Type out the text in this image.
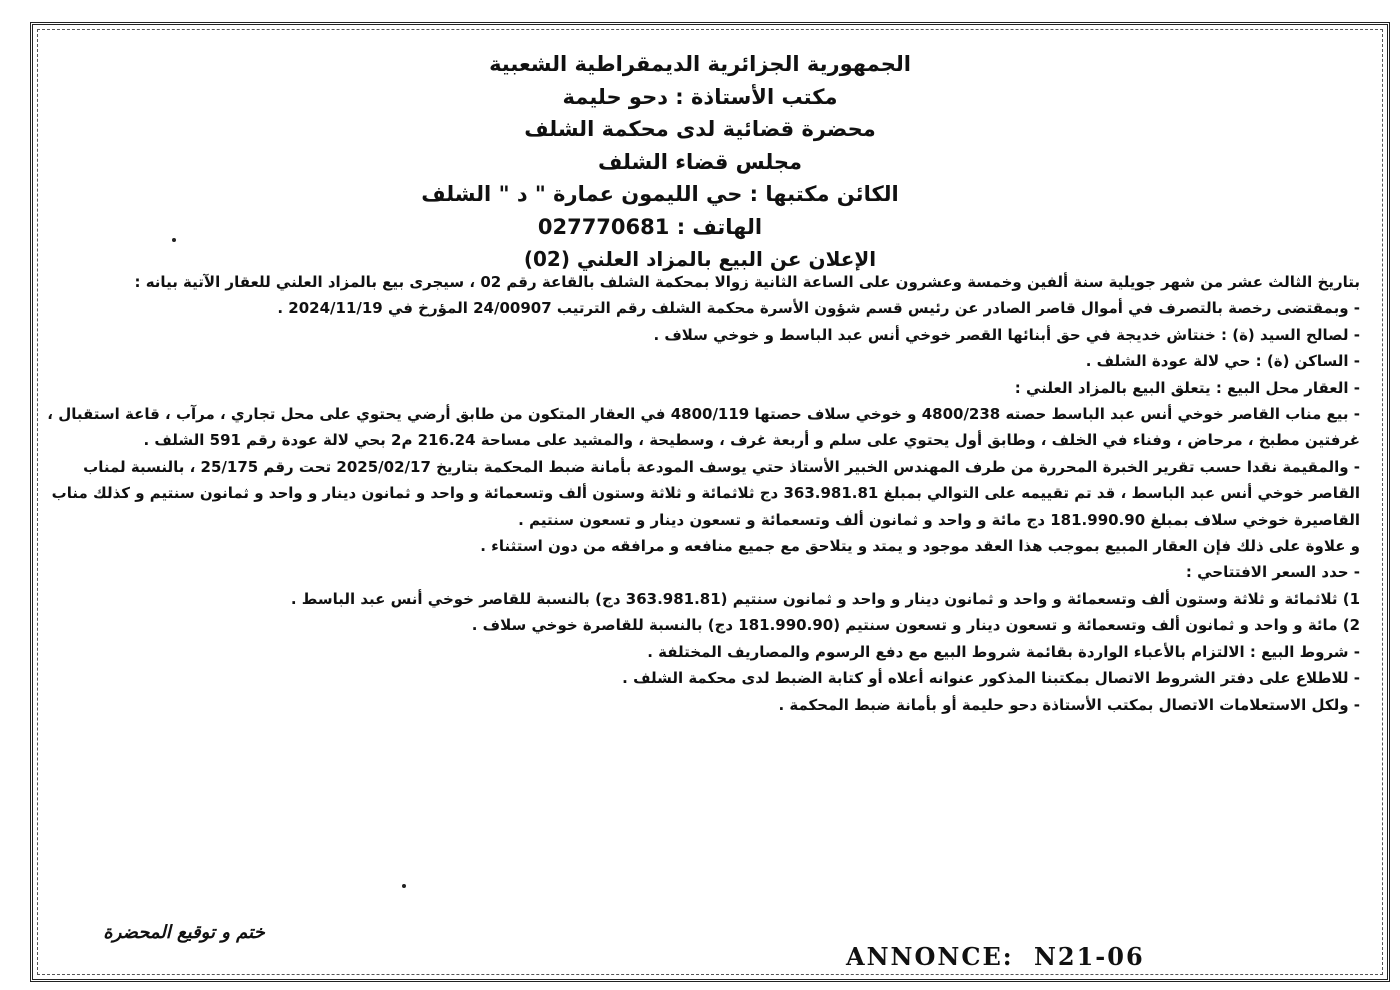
الجمهورية الجزائرية الديمقراطية الشعبية
مكتب الأستاذة : دحو حليمة
محضرة قضائية لدى محكمة الشلف
مجلس قضاء الشلف
الكائن مكتبها : حي الليمون عمارة " د " الشلف
الهاتف : 027770681
الإعلان عن البيع بالمزاد العلني (02)

بتاريخ الثالث عشر من شهر جويلية سنة ألفين وخمسة وعشرون على الساعة الثانية زوالا بمحكمة الشلف بالقاعة رقم 02 ، سيجرى بيع بالمزاد العلني للعقار الآتية بيانه :

- وبمقتضى رخصة بالتصرف في أموال قاصر الصادر عن رئيس قسم شؤون الأسرة محكمة الشلف رقم الترتيب 24/00907 المؤرخ في 2024/11/19 .

- لصالح السيد (ة) : خنتاش خديجة في حق أبنائها القصر خوخي أنس عبد الباسط و خوخي سلاف .

- الساكن (ة) : حي لالة عودة الشلف .

- العقار محل البيع : يتعلق البيع بالمزاد العلني :

- بيع مناب القاصر خوخي أنس عبد الباسط حصته 4800/238 و خوخي سلاف حصتها 4800/119 في العقار المتكون من طابق أرضي يحتوي على محل تجاري ، مرآب ، قاعة استقبال ، غرفتين مطبخ ، مرحاض ، وفناء في الخلف ، وطابق أول يحتوي على سلم و أربعة غرف ، وسطيحة ، والمشيد على مساحة 216.24 م2 بحي لالة عودة رقم 591 الشلف .

- والمقيمة نقدا حسب تقرير الخبرة المحررة من طرف المهندس الخبير الأستاذ حتي يوسف المودعة بأمانة ضبط المحكمة بتاريخ 2025/02/17 تحت رقم 25/175 ، بالنسبة لمناب القاصر خوخي أنس عبد الباسط ، قد تم تقييمه على التوالي بمبلغ 363.981.81 دج ثلاثمائة و ثلاثة وستون ألف وتسعمائة و واحد و ثمانون دينار و واحد و ثمانون سنتيم و كذلك مناب القاصيرة خوخي سلاف بمبلغ 181.990.90 دج مائة و واحد و ثمانون ألف وتسعمائة و تسعون دينار و تسعون سنتيم .

و علاوة على ذلك فإن العقار المبيع بموجب هذا العقد موجود و يمتد و يتلاحق مع جميع منافعه و مرافقه من دون استثناء .

- حدد السعر الافتتاحي :

1) ثلاثمائة و ثلاثة وستون ألف وتسعمائة و واحد و ثمانون دينار و واحد و ثمانون سنتيم (363.981.81 دج) بالنسبة للقاصر خوخي أنس عبد الباسط .

2) مائة و واحد و ثمانون ألف وتسعمائة و تسعون دينار و تسعون سنتيم (181.990.90 دج) بالنسبة للقاصرة خوخي سلاف .

- شروط البيع : الالتزام بالأعباء الواردة بقائمة شروط البيع مع دفع الرسوم والمصاريف المختلفة .

- للاطلاع على دفتر الشروط الاتصال بمكتبنا المذكور عنوانه أعلاه أو كتابة الضبط لدى محكمة الشلف .

- ولكل الاستعلامات الاتصال بمكتب الأستاذة دحو حليمة أو بأمانة ضبط المحكمة .

ختم و توقيع المحضرة
ANNONCE: N21-06
